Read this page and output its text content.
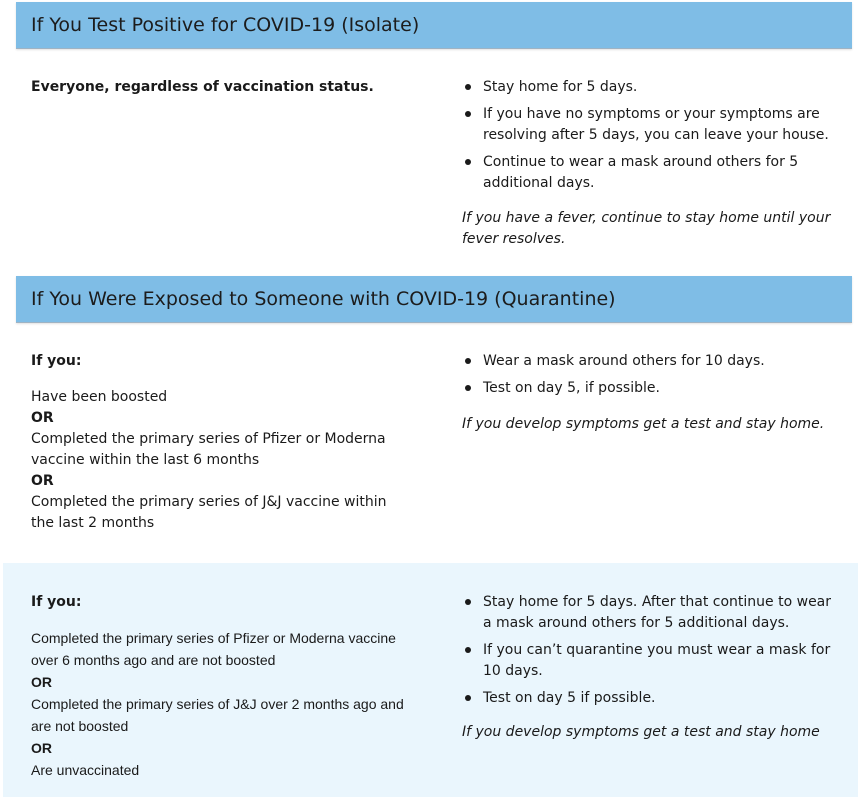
If You Test Positive for COVID-19 (Isolate)
Everyone, regardless of vaccination status.	Stay home for 5 days.
If you have no symptoms or your symptoms are resolving after 5 days, you can leave your house.
Continue to wear a mask around others for 5 additional days.
If you have a fever, continue to stay home until your fever resolves.
If You Were Exposed to Someone with COVID-19 (Quarantine)
If you:
Have been boosted
OR
Completed the primary series of Pfizer or Moderna vaccine within the last 6 months
OR
Completed the primary series of J&J vaccine within the last 2 months
Wear a mask around others for 10 days.
Test on day 5, if possible.
If you develop symptoms get a test and stay home.
If you:
Completed the primary series of Pfizer or Moderna vaccine over 6 months ago and are not boosted
OR
Completed the primary series of J&J over 2 months ago and are not boosted
OR
Are unvaccinated
Stay home for 5 days. After that continue to wear a mask around others for 5 additional days.
If you can’t quarantine you must wear a mask for 10 days.
Test on day 5 if possible.
If you develop symptoms get a test and stay home
